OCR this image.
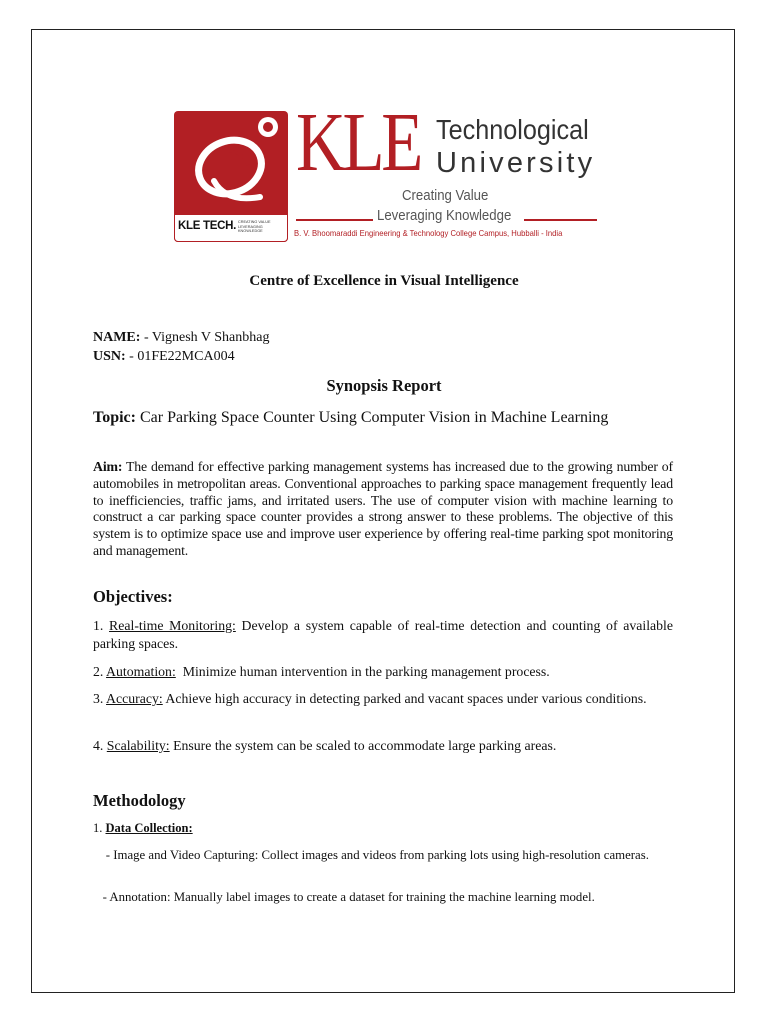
KLE TECH. CREATING VALUE LEVERAGING KNOWLEDGE
KLE Technological
University
Creating Value
Leveraging Knowledge
B. V. Bhoomaraddi Engineering & Technology College Campus, Hubballi - India
Centre of Excellence in Visual Intelligence
NAME: - Vignesh V Shanbhag
USN: - 01FE22MCA004
Synopsis Report
Topic: Car Parking Space Counter Using Computer Vision in Machine Learning
Aim: The demand for effective parking management systems has increased due to the growing number of automobiles in metropolitan areas. Conventional approaches to parking space management frequently lead to inefficiencies, traffic jams, and irritated users. The use of computer vision with machine learning to construct a car parking space counter provides a strong answer to these problems. The objective of this system is to optimize space use and improve user experience by offering real-time parking spot monitoring and management.
Objectives:
1. Real-time Monitoring: Develop a system capable of real-time detection and counting of available parking spaces.
2. Automation:  Minimize human intervention in the parking management process.
3. Accuracy: Achieve high accuracy in detecting parked and vacant spaces under various conditions.
4. Scalability: Ensure the system can be scaled to accommodate large parking areas.
Methodology
1. Data Collection:
- Image and Video Capturing: Collect images and videos from parking lots using high-resolution cameras.
- Annotation: Manually label images to create a dataset for training the machine learning model.
